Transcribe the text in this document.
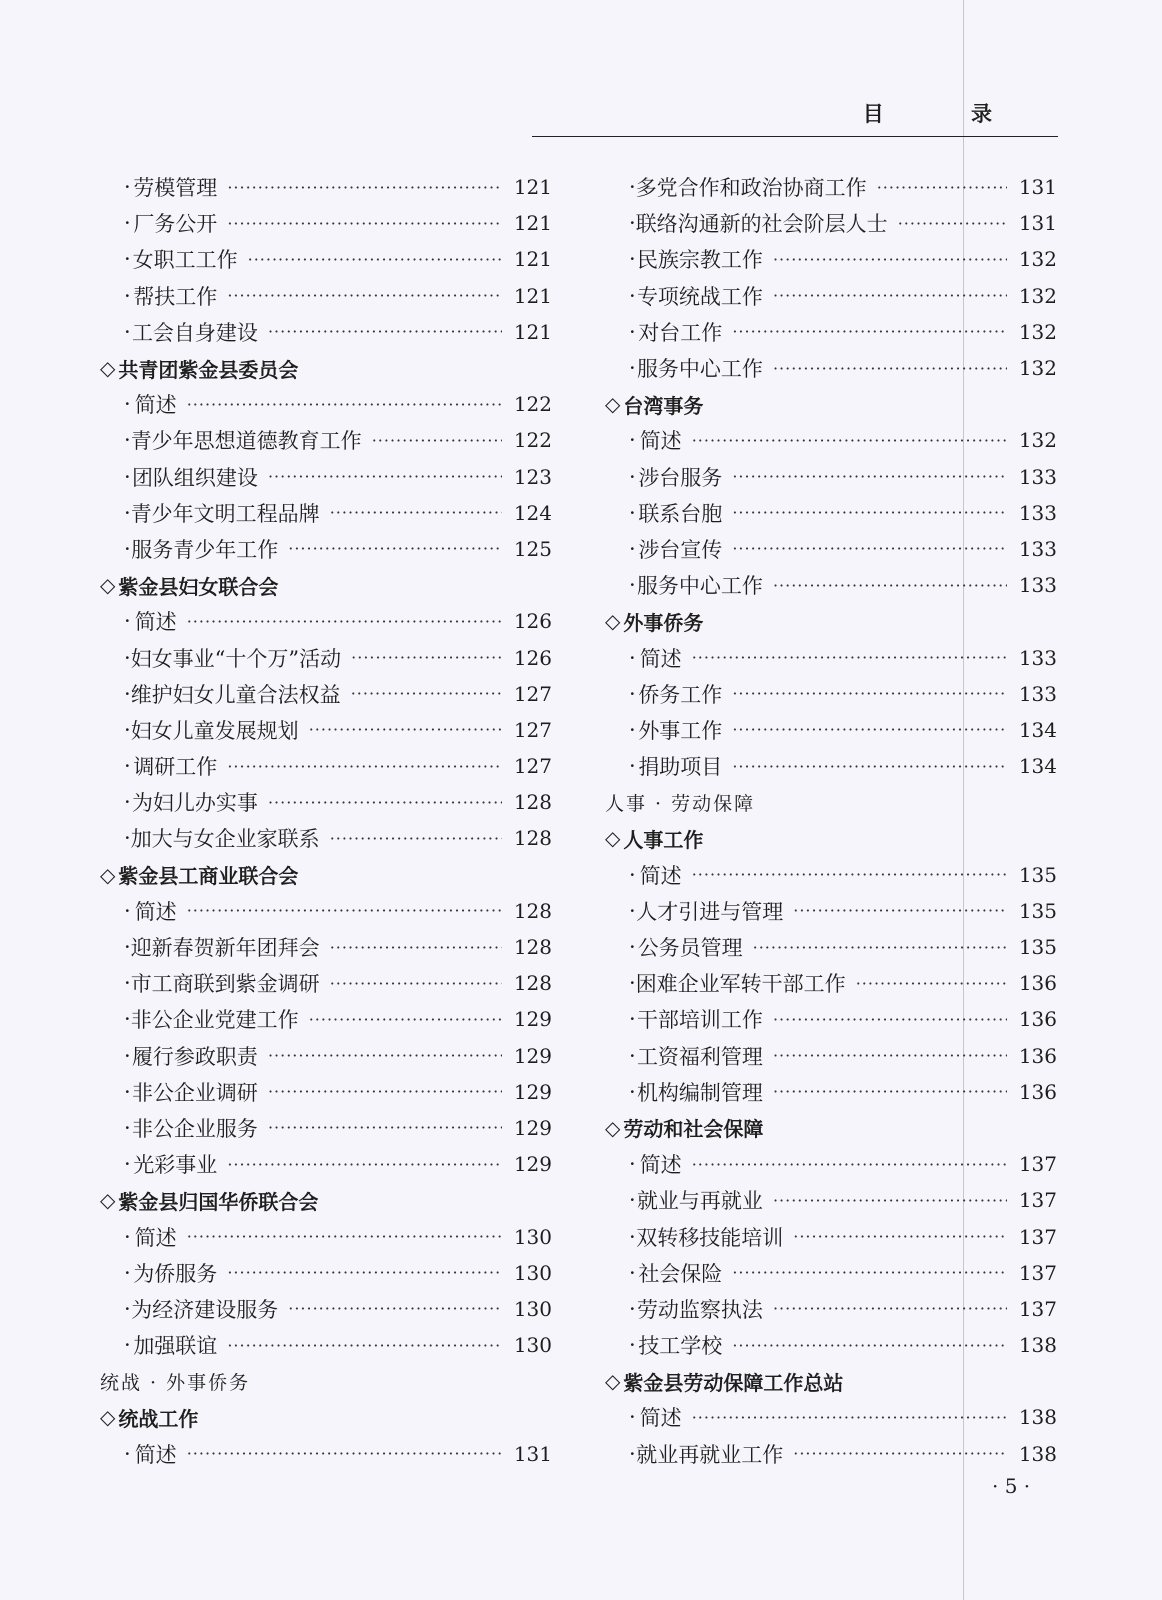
目 录
· 劳模管理 ·····	121
· 厂务公开 ·····	121
· 女职工工作 ·····	121
· 帮扶工作 ·····	121
· 工会自身建设 ·····	121
◇ 共青团紫金县委员会
· 简述 ·····	122
· 青少年思想道德教育工作 ·····	122
· 团队组织建设 ·····	123
· 青少年文明工程品牌 ·····	124
· 服务青少年工作 ·····	125
◇ 紫金县妇女联合会
· 简述 ·····	126
· 妇女事业“十个万”活动 ·····	126
· 维护妇女儿童合法权益 ·····	127
· 妇女儿童发展规划 ·····	127
· 调研工作 ·····	127
· 为妇儿办实事 ·····	128
· 加大与女企业家联系 ·····	128
◇ 紫金县工商业联合会
· 简述 ·····	128
· 迎新春贺新年团拜会 ·····	128
· 市工商联到紫金调研 ·····	128
· 非公企业党建工作 ·····	129
· 履行参政职责 ·····	129
· 非公企业调研 ·····	129
· 非公企业服务 ·····	129
· 光彩事业 ·····	129
◇ 紫金县归国华侨联合会
· 简述 ·····	130
· 为侨服务 ·····	130
· 为经济建设服务 ·····	130
· 加强联谊 ·····	130
统战 · 外事侨务
◇ 统战工作
· 简述 ·····	131
· 多党合作和政治协商工作 ·····	131
· 联络沟通新的社会阶层人士 ·····	131
· 民族宗教工作 ·····	132
· 专项统战工作 ·····	132
· 对台工作 ·····	132
· 服务中心工作 ·····	132
◇ 台湾事务
· 简述 ·····	132
· 涉台服务 ·····	133
· 联系台胞 ·····	133
· 涉台宣传 ·····	133
· 服务中心工作 ·····	133
◇ 外事侨务
· 简述 ·····	133
· 侨务工作 ·····	133
· 外事工作 ·····	134
· 捐助项目 ·····	134
人事 · 劳动保障
◇ 人事工作
· 简述 ·····	135
· 人才引进与管理 ·····	135
· 公务员管理 ·····	135
· 困难企业军转干部工作 ·····	136
· 干部培训工作 ·····	136
· 工资福利管理 ·····	136
· 机构编制管理 ·····	136
◇ 劳动和社会保障
· 简述 ·····	137
· 就业与再就业 ·····	137
· 双转移技能培训 ·····	137
· 社会保险 ·····	137
· 劳动监察执法 ·····	137
· 技工学校 ·····	138
◇ 紫金县劳动保障工作总站
· 简述 ·····	138
· 就业再就业工作 ·····	138
· 5 ·
